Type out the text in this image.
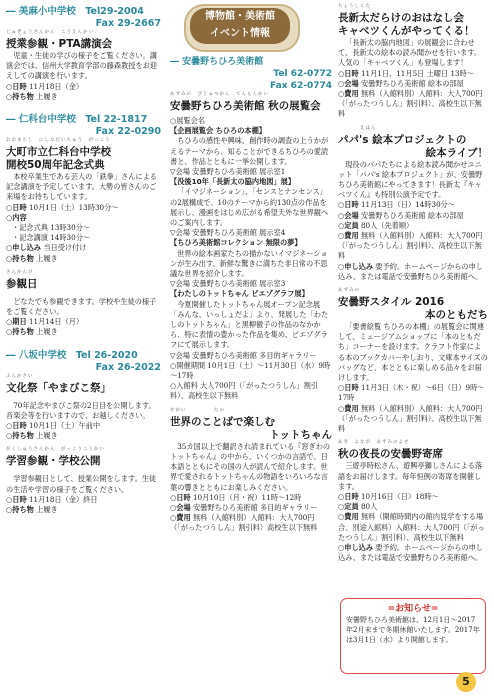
― 美麻小中学校　 Tel29-2004
Fax 29-2667
じゅぎょうさんかん　こうえんかい
授業参観・PTA講演会

児童・生徒の学びの様子をご覧ください。講演会では、信州大学教育学部の藤森教授をお迎えしての講演を行います。

○日時 11月18日（金）
○持ち物 上履き
― 仁科台中学校　 Tel 22-1817
Fax 22-0290
おおまちし　にしなだいちゅう　がっこう
大町市立仁科台中学校
開校50周年記念式典

本校卒業生である芸人の「鉄拳」さんによる記念講演を予定しています。大勢の皆さんのご来場をお待ちしています。

○日時 10月1日（土）13時30分～
○内容
・記念式典 13時30分～
・記念講演 14時30分～
○申し込み 当日受け付け
○持ち物 上履き
さんかんび
参観日

どなたでも参観できます。学校や生徒の様子をご覧ください。

○期日 11月14日（月）
○持ち物 上履き
― 八坂中学校　 Tel 26-2020
Fax 26-2022
ぶんかさい
文化祭「やまびこ祭」

70年記念やまびこ祭の2日目を公開します。音楽会等を行いますので、お越しください。

○日時 10月1日（土）午前中
○持ち物 上履き
がくしゅうさんかん　がっこうこうかい
学習参観・学校公開

学習参観日として、授業公開をします。生徒の生活や学習の様子をご覧ください。

○日時 11月18日（金）終日
○持ち物 上履き
博物館・美術館
イベント情報
― 安曇野ちひろ美術館
Tel 62-0772
Fax 62-0774
あずみの　びじゅつかん　てんらんかい
安曇野ちひろ美術館 秋の展覧会
○展覧会名
【企画展覧会 ちひろの本棚】

ちひろの感性や興味、創作時の調査の上うかがえるテーマから、知ることができるちひろの愛読書と、作品とともに一挙公開します。

▽会場 安曇野ちひろ美術館 展示室1
【没後10年「長新太の脇内地図」展】

「イマジネーション」、「センスとナンセンス」の2展構成で、10のテーマから約130点の作品を展示し、漫画をはじめ広がる希望天外な世界観へのご案内します。

▽会場 安曇野ちひろ美術館 展示室4
【ちひろ美術館コレクション 無限の夢】

世界の絵本画家たちの描かないイマジネーションが生み出す、新鮮な驚きに満ちた非日常の不思議な世界を紹介します。

▽会場 安曇野ちひろ美術館 展示室3
【わたしのトットちゃん ピエゾグラフ展】

今夏開催したトットちゃん展オープン記念展「みんな、いっしょだよ」より、発展した「わたしのトットちゃん」と黒柳徹子の作品のなかから、特に表情の豊かった作品を集め、ピエゾグラフにて展示します。

▽会場 安曇野ちひろ美術館 多目的ギャラリー
○開催期間 10月1日（土）～11月30日（水）9時～17時
○入館料 大人700円（「がったつうしん」割引料）、高校生以下無料
せかい　　　　　たの
世界のことばで楽しむ
トットちゃん

35カ国以上で翻訳され読まれている『窓ぎわのトットちゃん』の中から、いくつかの言語で、日本語とともにその国の人が読んで紹介します。世界で愛されるトットちゃんの物語をいろいろな言葉の響きとともにお楽しみください。

○日時 10月10日（月・祝）11時～12時
○会場 安曇野ちひろ美術館 多目的ギャラリー
○費用 無料（入館料別）入館料：大人700円（「がったつうしん」割引料）高校生以下無料
ちょうしんた
長新太だらけのおはなし会
キャベツくんがやってくる！

「長新太の脇内地図」の展観会に合わせて、長新太の絵本の読み聞かせを行います。人気の「キャベツくん」も登場します！

○日時 11月1日、11月5日 土曜日 13時～
○会場 安曇野ちひろ美術館 絵本の部屋
○費用 無料（入館料別）入館料：大人700円（「がったつうしん」割引料）、高校生以下無料
　　　　えほん
パパ's 絵本プロジェクトの
絵本ライブ！

現役のパパたちによる絵本読み聞かせユニット「パパ's 絵本プロジェクト」が、安曇野ちひろ美術館にやってきます！長新太『キャベツくん』も特別公演予定です。

○日時 11月13日（日）14時30分～
○会場 安曇野ちひろ美術館 絵本の部屋
○定員 80人（先着順）
○費用 無料（入館料別）入館料：大人700円（「がったつうしん」割引料）、高校生以下無料
○申し込み 要予約。ホームページからの申し込み、または電話で安曇野ちひろ美術館へ。
あずみの
安曇野スタイル 2016
本のともだち

「要書絵覧 ちひろの本棚」の展覧会に関連して、ミュージアムショップに「本のともだち」コーナーを設けます。クラフト作家による本のブックカバーやしおり、文庫本サイズのバッグなど、本とともに楽しめる品々をお届けします。

○日時 11月3日（木・祝）～6日（日）9時～17時
○費用 無料（入館料別）入館料：大人700円（「がったつうしん」割引料）、高校生以下無料
あき　よなが　あずみのよせ
秋の夜長の安曇野寄席

三遊亭時松さん、遊興亭獅しさんによる落語をお届けします。毎年恒例の寄席を開催します。

○日時 10月16日（日）18時～
○定員 80人
○費用 無料（開館時間内の館内見学をする場合、別途入館料）入館料：大人700円（「がったつうしん」割引料）、高校生以下無料
○申し込み 要予約。ホームページからの申し込み、または電話で安曇野ちひろ美術館へ。
=お知らせ=
安曇野ちひろ美術館は、12月1日～2017年2月末まで冬期休館いたします。2017年は3月1日（水）より開館します。
5
